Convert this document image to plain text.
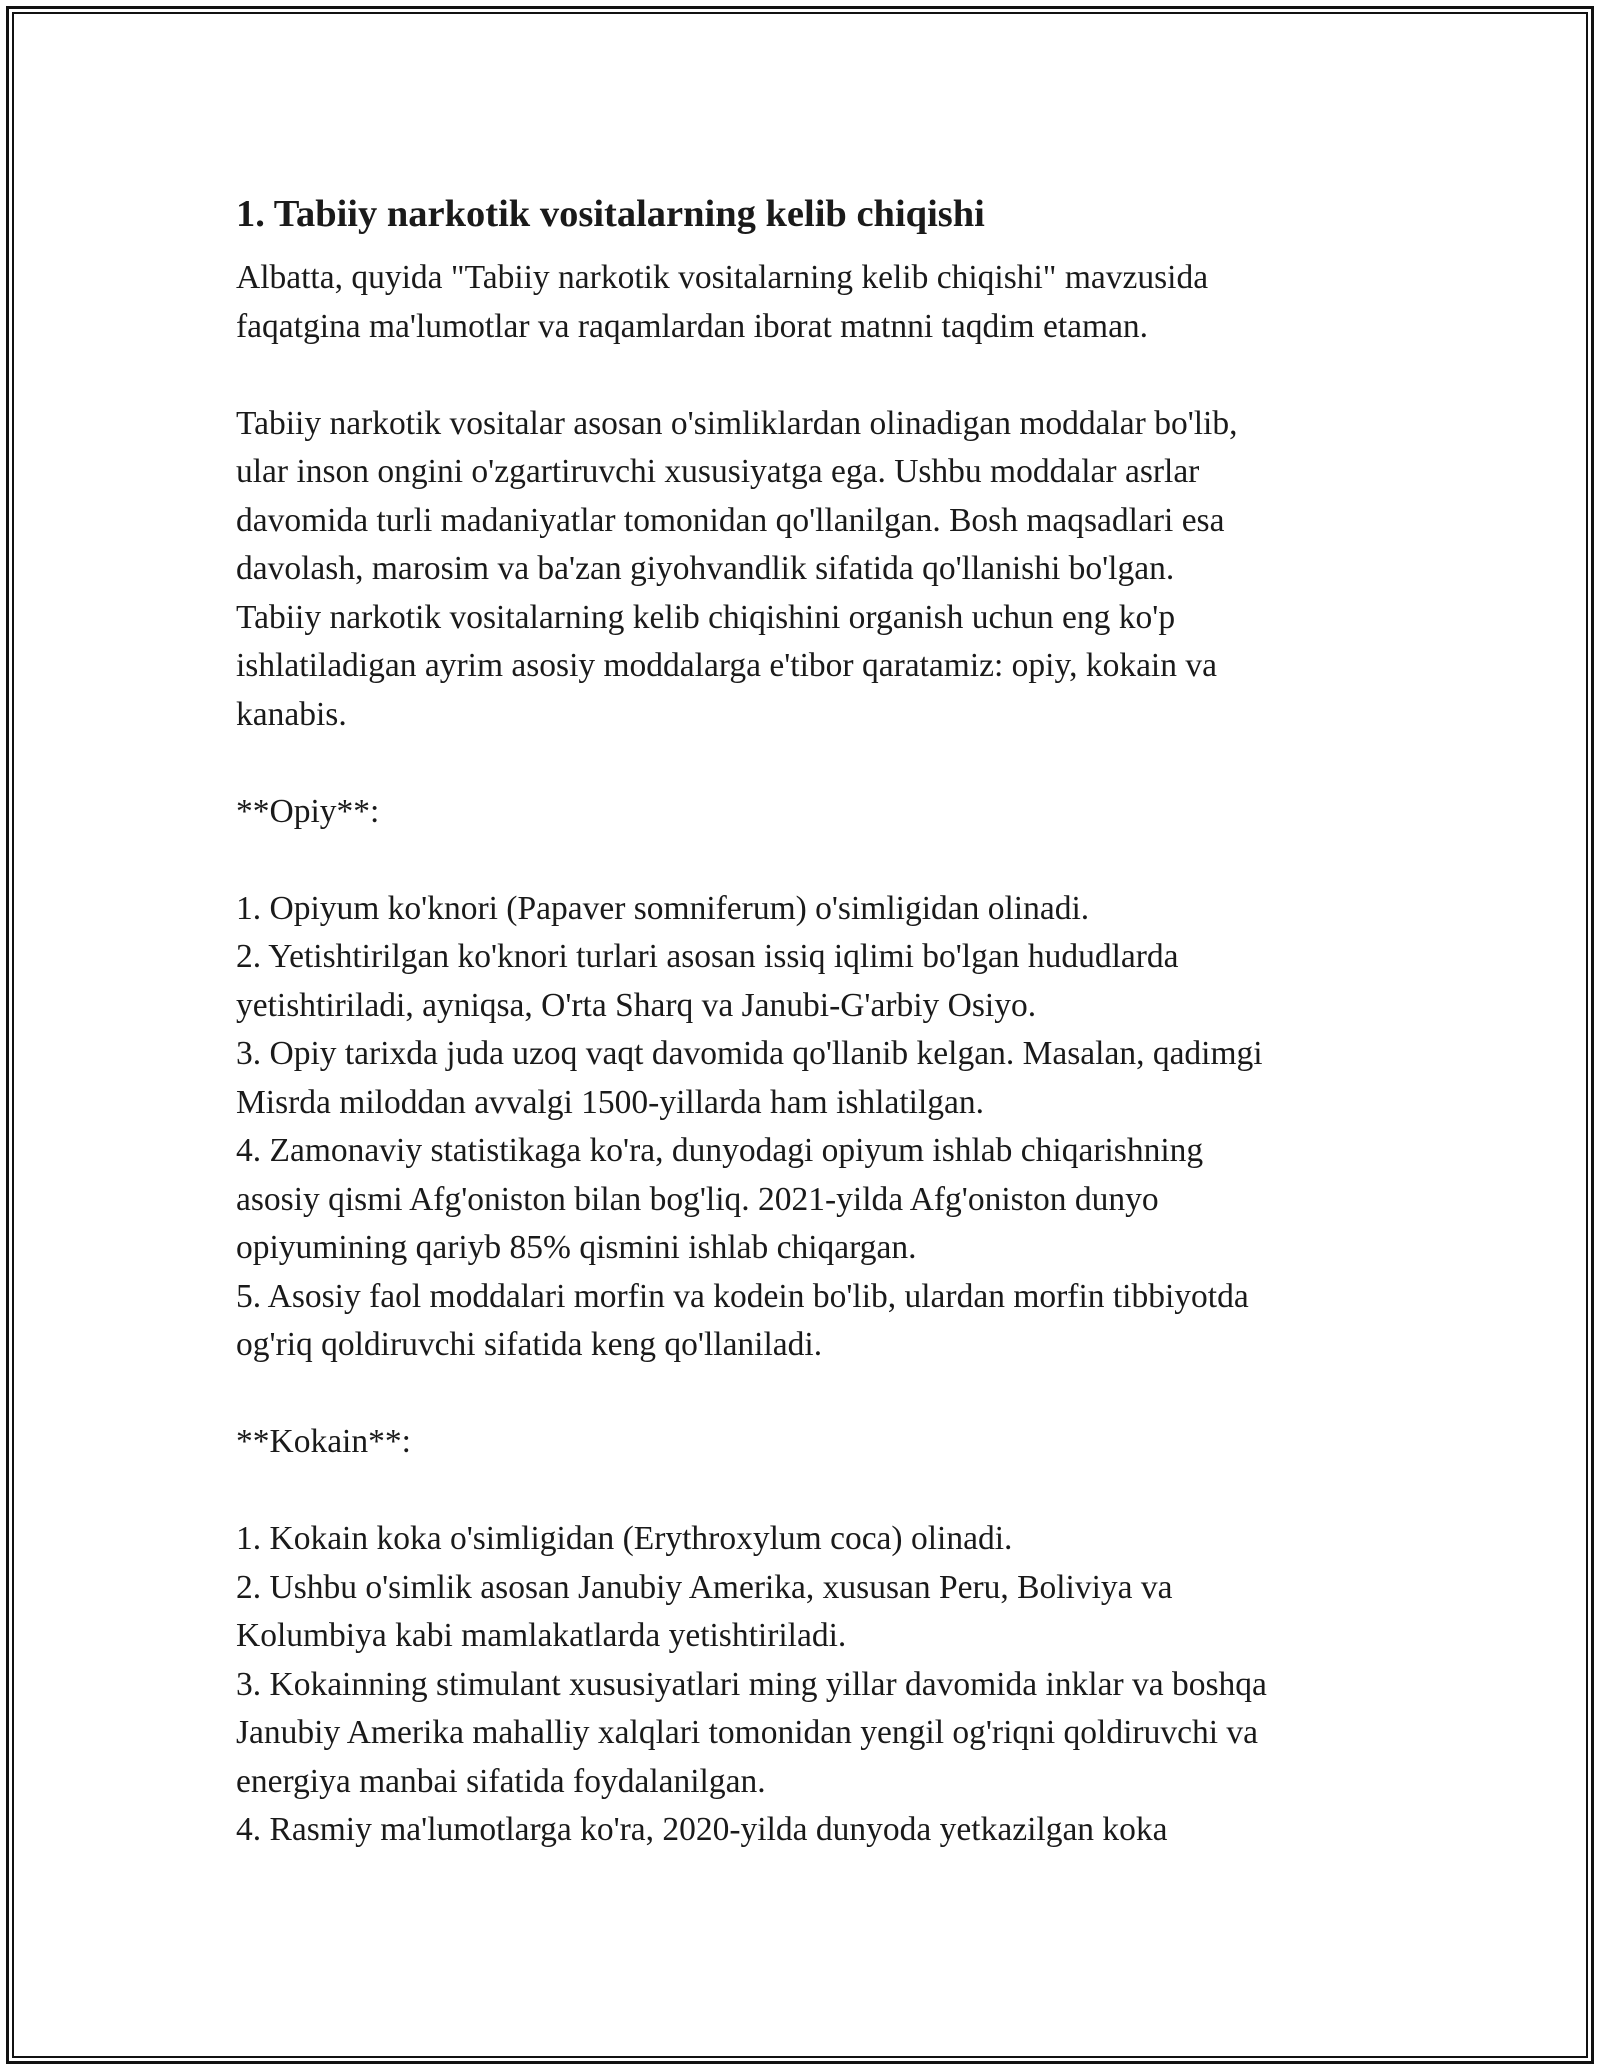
1. Tabiiy narkotik vositalarning kelib chiqishi

Albatta, quyida "Tabiiy narkotik vositalarning kelib chiqishi" mavzusida

faqatgina ma'lumotlar va raqamlardan iborat matnni taqdim etaman.

Tabiiy narkotik vositalar asosan o'simliklardan olinadigan moddalar bo'lib,

ular inson ongini o'zgartiruvchi xususiyatga ega. Ushbu moddalar asrlar

davomida turli madaniyatlar tomonidan qo'llanilgan. Bosh maqsadlari esa

davolash, marosim va ba'zan giyohvandlik sifatida qo'llanishi bo'lgan.

Tabiiy narkotik vositalarning kelib chiqishini organish uchun eng ko'p

ishlatiladigan ayrim asosiy moddalarga e'tibor qaratamiz: opiy, kokain va

kanabis.

**Opiy**:

1. Opiyum ko'knori (Papaver somniferum) o'simligidan olinadi.

2. Yetishtirilgan ko'knori turlari asosan issiq iqlimi bo'lgan hududlarda

yetishtiriladi, ayniqsa, O'rta Sharq va Janubi-G'arbiy Osiyo.

3. Opiy tarixda juda uzoq vaqt davomida qo'llanib kelgan. Masalan, qadimgi

Misrda miloddan avvalgi 1500-yillarda ham ishlatilgan.

4. Zamonaviy statistikaga ko'ra, dunyodagi opiyum ishlab chiqarishning

asosiy qismi Afg'oniston bilan bog'liq. 2021-yilda Afg'oniston dunyo

opiyumining qariyb 85% qismini ishlab chiqargan.

5. Asosiy faol moddalari morfin va kodein bo'lib, ulardan morfin tibbiyotda

og'riq qoldiruvchi sifatida keng qo'llaniladi.

**Kokain**:

1. Kokain koka o'simligidan (Erythroxylum coca) olinadi.

2. Ushbu o'simlik asosan Janubiy Amerika, xususan Peru, Boliviya va

Kolumbiya kabi mamlakatlarda yetishtiriladi.

3. Kokainning stimulant xususiyatlari ming yillar davomida inklar va boshqa

Janubiy Amerika mahalliy xalqlari tomonidan yengil og'riqni qoldiruvchi va

energiya manbai sifatida foydalanilgan.

4. Rasmiy ma'lumotlarga ko'ra, 2020-yilda dunyoda yetkazilgan koka
